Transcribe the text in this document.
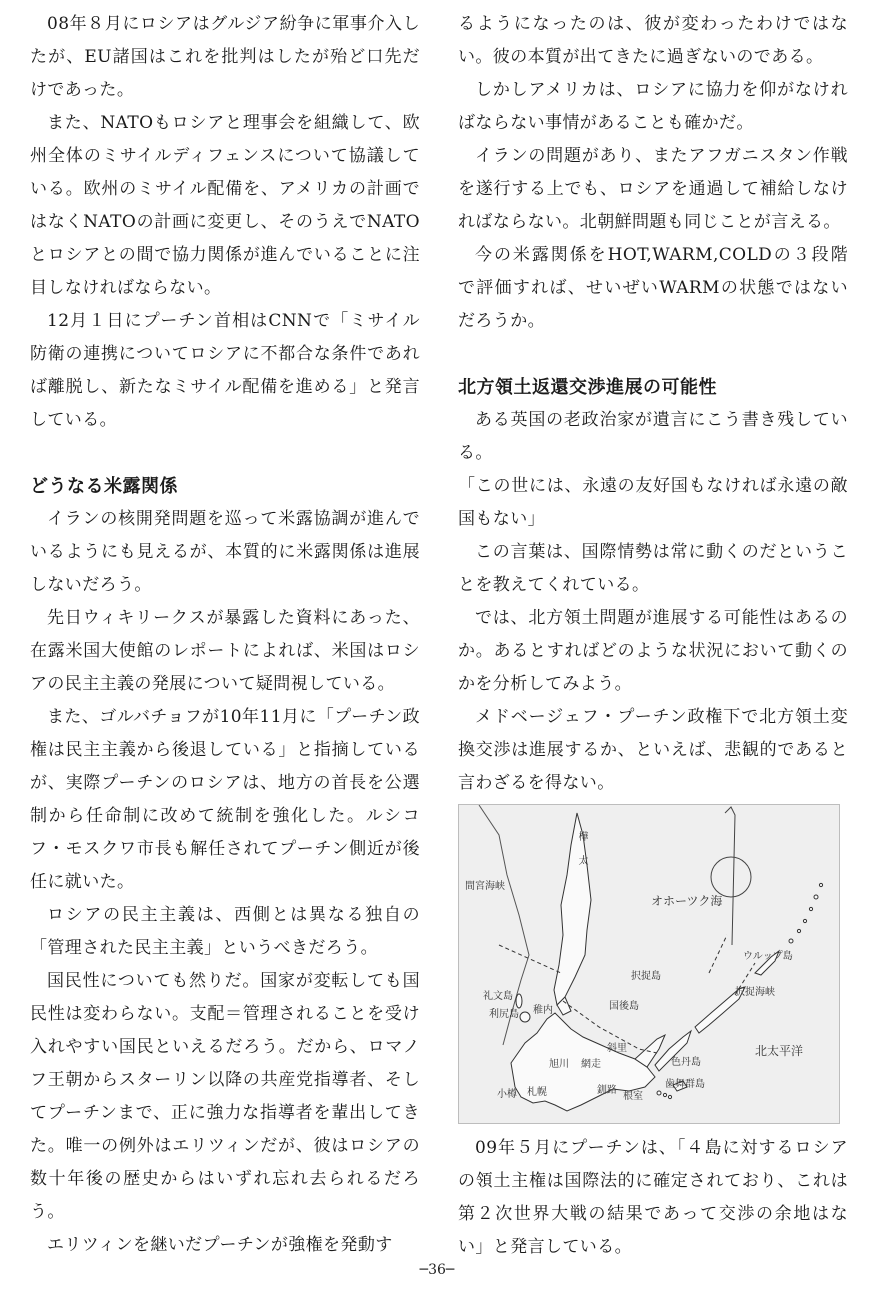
08年８月にロシアはグルジア紛争に軍事介入したが、EU諸国はこれを批判はしたが殆ど口先だけであった。

また、NATOもロシアと理事会を組織して、欧州全体のミサイルディフェンスについて協議している。欧州のミサイル配備を、アメリカの計画ではなくNATOの計画に変更し、そのうえでNATOとロシアとの間で協力関係が進んでいることに注目しなければならない。

12月１日にプーチン首相はCNNで「ミサイル防衛の連携についてロシアに不都合な条件であれば離脱し、新たなミサイル配備を進める」と発言している。

どうなる米露関係

イランの核開発問題を巡って米露協調が進んでいるようにも見えるが、本質的に米露関係は進展しないだろう。

先日ウィキリークスが暴露した資料にあった、在露米国大使館のレポートによれば、米国はロシアの民主主義の発展について疑問視している。

また、ゴルバチョフが10年11月に「プーチン政権は民主主義から後退している」と指摘しているが、実際プーチンのロシアは、地方の首長を公選制から任命制に改めて統制を強化した。ルシコフ・モスクワ市長も解任されてプーチン側近が後任に就いた。

ロシアの民主主義は、西側とは異なる独自の「管理された民主主義」というべきだろう。

国民性についても然りだ。国家が変転しても国民性は変わらない。支配＝管理されることを受け入れやすい国民といえるだろう。だから、ロマノフ王朝からスターリン以降の共産党指導者、そしてプーチンまで、正に強力な指導者を輩出してきた。唯一の例外はエリツィンだが、彼はロシアの数十年後の歴史からはいずれ忘れ去られるだろう。

エリツィンを継いだプーチンが強権を発動す

るようになったのは、彼が変わったわけではない。彼の本質が出てきたに過ぎないのである。

しかしアメリカは、ロシアに協力を仰がなければならない事情があることも確かだ。

イランの問題があり、またアフガニスタン作戦を遂行する上でも、ロシアを通過して補給しなければならない。北朝鮮問題も同じことが言える。

今の米露関係をHOT,WARM,COLDの３段階で評価すれば、せいぜいWARMの状態ではないだろうか。

北方領土返還交渉進展の可能性

ある英国の老政治家が遺言にこう書き残している。

「この世には、永遠の友好国もなければ永遠の敵国もない」

この言葉は、国際情勢は常に動くのだということを教えてくれている。

では、北方領土問題が進展する可能性はあるのか。あるとすればどのような状況において動くのかを分析してみよう。

メドベージェフ・プーチン政権下で北方領土変換交渉は進展するか、といえば、悲観的であると言わざるを得ない。

樺
太
間宮海峡
オホーツク海
ウルップ島
択捉海峡
択捉島
国後島
色丹島
歯舞群島
礼文島
利尻島 稚内
旭川 網走
斜里
小樽 札幌	釧路
根室
北太平洋

09年５月にプーチンは、「４島に対するロシアの領土主権は国際法的に確定されており、これは第２次世界大戦の結果であって交渉の余地はない」と発言している。

─36─
